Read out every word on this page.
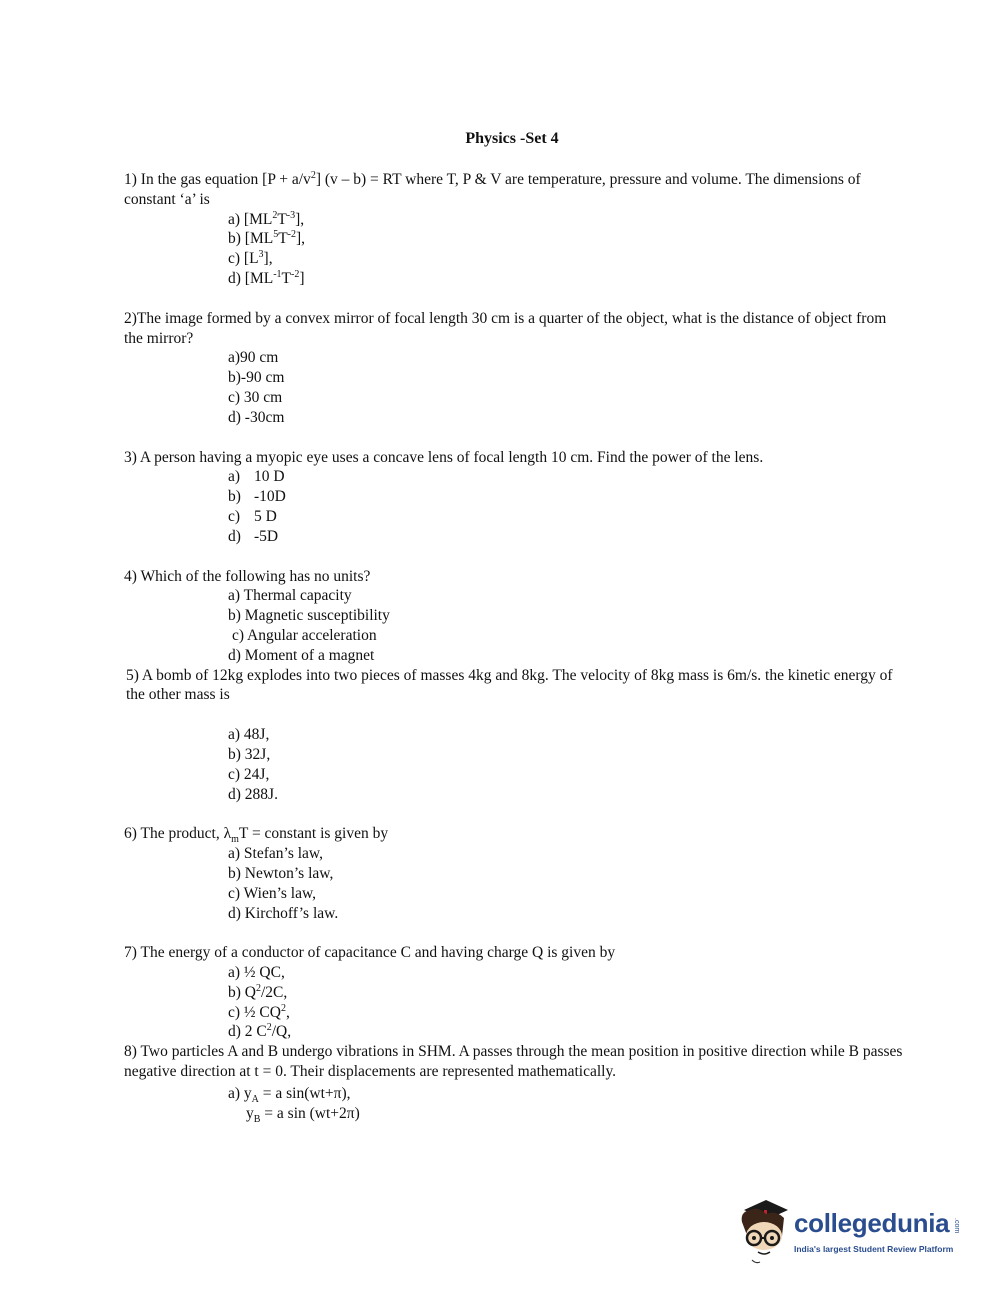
Physics -Set 4
1) In the gas equation $[P + a/v^2]$ (v – b) = RT where T, P & V are temperature, pressure and volume. The dimensions of constant ‘a’ is
a) $[ML^2T^{-3}]$,
b) $[ML^5T^{-2}]$,
c) $[L^3]$,
d) $[ML^{-1}T^{-2}]$
2)The image formed by a convex mirror of focal length 30 cm is a quarter of the object, what is the distance of object from the mirror?
a)90 cm
b)-90 cm
c) 30 cm
d) -30cm
3) A person having a myopic eye uses a concave lens of focal length 10 cm. Find the power of the lens.
a) 10 D
b) -10D
c) 5 D
d) -5D
4) Which of the following has no units?
a) Thermal capacity
b) Magnetic susceptibility
c) Angular acceleration
d) Moment of a magnet
5) A bomb of 12kg explodes into two pieces of masses 4kg and 8kg. The velocity of 8kg mass is 6m/s. the kinetic energy of the other mass is
a) 48J,
b) 32J,
c) 24J,
d) 288J.
6) The product, $\lambda_mT$ = constant is given by
a) Stefan’s law,
b) Newton’s law,
c) Wien’s law,
d) Kirchoff’s law.
7) The energy of a conductor of capacitance C and having charge Q is given by
a) ½ QC,
b) $Q^2/2C$,
c) ½ $CQ^2$,
d) 2 $C^2/Q$,
8) Two particles A and B undergo vibrations in SHM. A passes through the mean position in positive direction while B passes negative direction at t = 0. Their displacements are represented mathematically.
a) $y_A = a$ sin(wt+π),
$y_B = a$ sin (wt+2π)
collegedunia .com
India's largest Student Review Platform
